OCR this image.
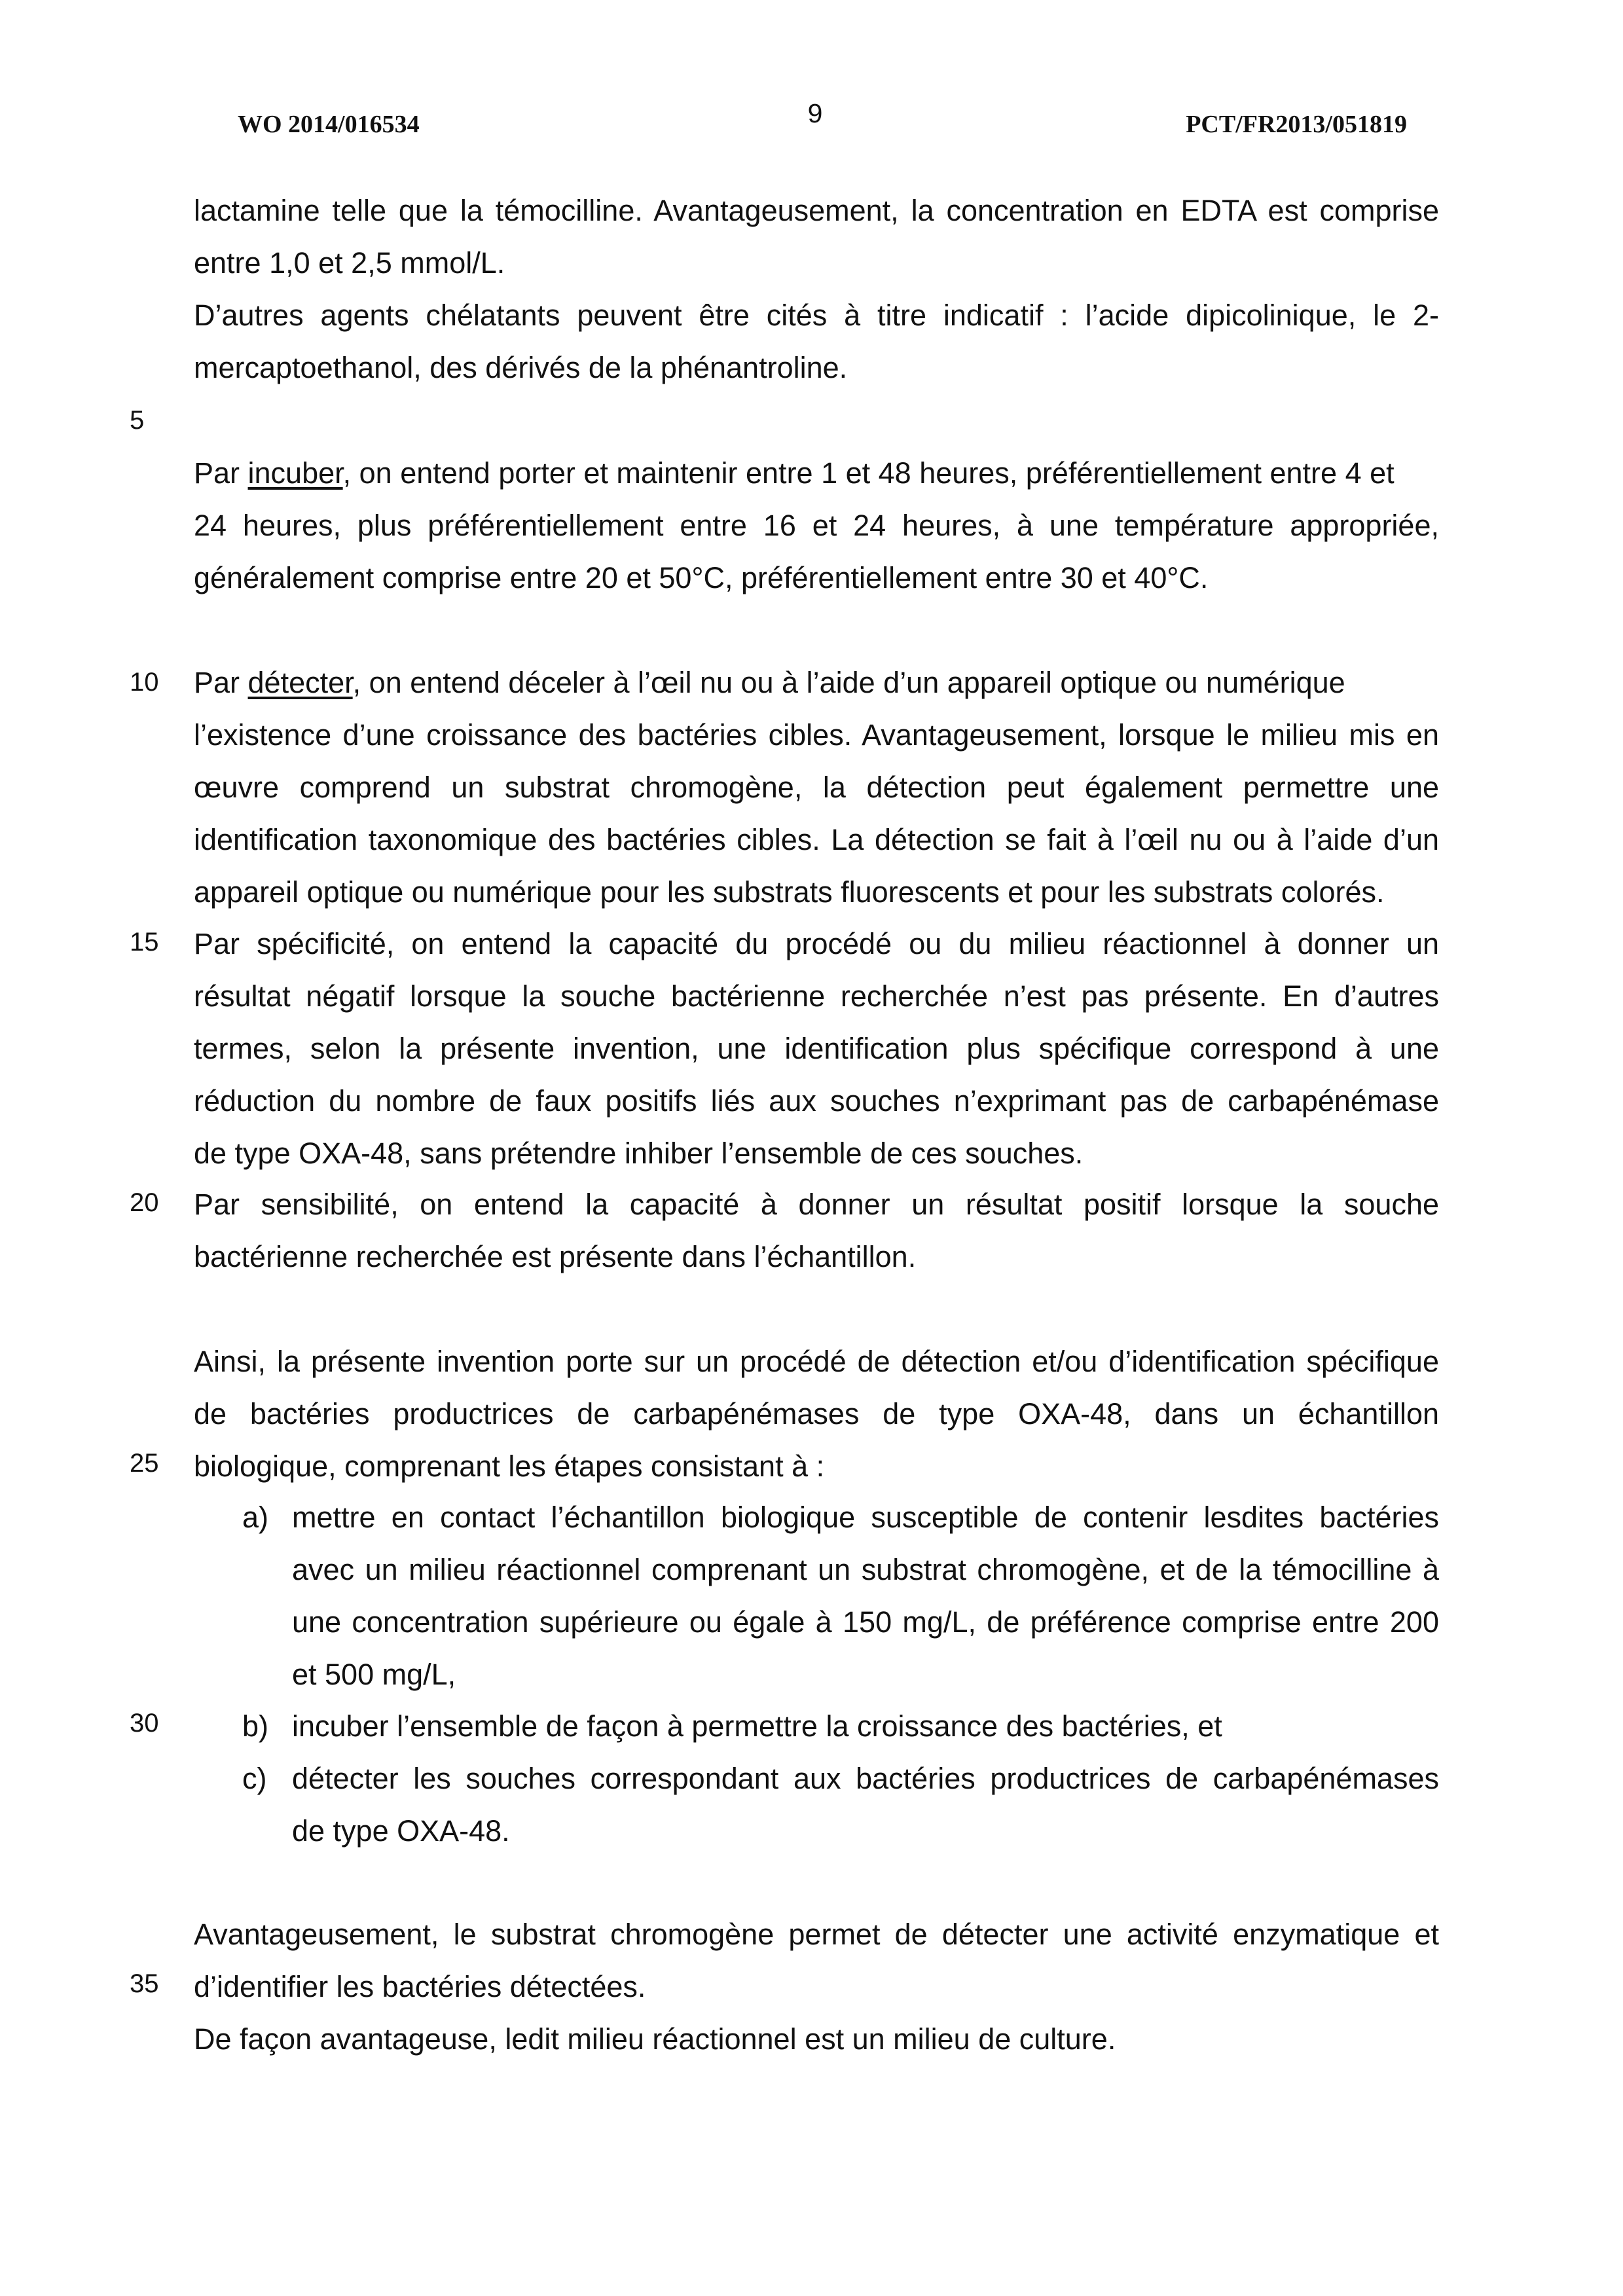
WO 2014/016534	9	PCT/FR2013/051819
5
10
15
20
25
30
35
lactamine telle que la témocilline. Avantageusement, la concentration en EDTA est comprise
entre 1,0 et 2,5 mmol/L.
D’autres agents chélatants peuvent être cités à titre indicatif : l’acide dipicolinique, le 2-
mercaptoethanol, des dérivés de la phénantroline.
Par incuber, on entend porter et maintenir entre 1 et 48 heures, préférentiellement entre 4 et
24 heures, plus préférentiellement entre 16 et 24 heures, à une température appropriée,
généralement comprise entre 20 et 50°C, préférentiellement entre 30 et 40°C.
Par détecter, on entend déceler à l’œil nu ou à l’aide d’un appareil optique ou numérique
l’existence d’une croissance des bactéries cibles. Avantageusement, lorsque le milieu mis en
œuvre comprend un substrat chromogène, la détection peut également permettre une
identification taxonomique des bactéries cibles. La détection se fait à l’œil nu ou à l’aide d’un
appareil optique ou numérique pour les substrats fluorescents et pour les substrats colorés.
Par spécificité, on entend la capacité du procédé ou du milieu réactionnel à donner un
résultat négatif lorsque la souche bactérienne recherchée n’est pas présente. En d’autres
termes, selon la présente invention, une identification plus spécifique correspond à une
réduction du nombre de faux positifs liés aux souches n’exprimant pas de carbapénémase
de type OXA-48, sans prétendre inhiber l’ensemble de ces souches.
Par sensibilité, on entend la capacité à donner un résultat positif lorsque la souche
bactérienne recherchée est présente dans l’échantillon.
Ainsi, la présente invention porte sur un procédé de détection et/ou d’identification spécifique
de bactéries productrices de carbapénémases de type OXA-48, dans un échantillon
biologique, comprenant les étapes consistant à :
a) mettre en contact l’échantillon biologique susceptible de contenir lesdites bactéries
avec un milieu réactionnel comprenant un substrat chromogène, et de la témocilline à
une concentration supérieure ou égale à 150 mg/L, de préférence comprise entre 200
et 500 mg/L,
b) incuber l’ensemble de façon à permettre la croissance des bactéries, et
c) détecter les souches correspondant aux bactéries productrices de carbapénémases
de type OXA-48.
Avantageusement, le substrat chromogène permet de détecter une activité enzymatique et
d’identifier les bactéries détectées.
De façon avantageuse, ledit milieu réactionnel est un milieu de culture.
